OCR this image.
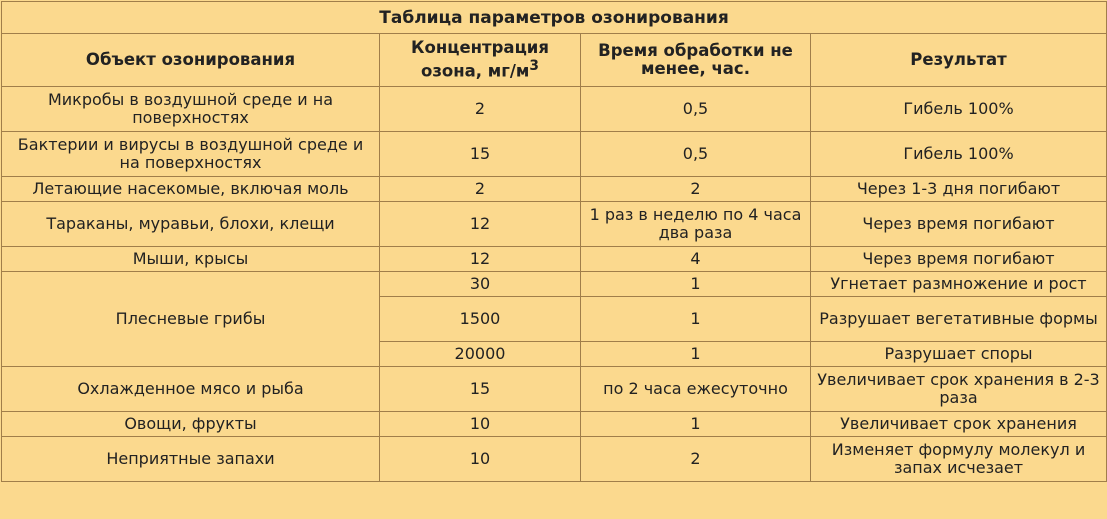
Таблица параметров озонирования			
Объект озонирования	Концентрация озона, $мг/м^3$	Время обработки не менее, час.	Результат
Микробы в воздушной среде и на поверхностях	2	0,5	Гибель 100%
Бактерии и вирусы в воздушной среде и на поверхностях	15	0,5	Гибель 100%
Летающие насекомые, включая моль	2	2	Через 1-3 дня погибают
Тараканы, муравьи, блохи, клещи	12	1 раз в неделю по 4 часа два раза	Через время погибают
Мыши, крысы	12	4	Через время погибают
Плесневые грибы	30	1	Угнетает размножение и рост
	1500	1	Разрушает вегетативные формы
	20000	1	Разрушает споры
Охлажденное мясо и рыба	15	по 2 часа ежесуточно	Увеличивает срок хранения в 2-3 раза
Овощи, фрукты	10	1	Увеличивает срок хранения
Неприятные запахи	10	2	Изменяет формулу молекул и запах исчезает
